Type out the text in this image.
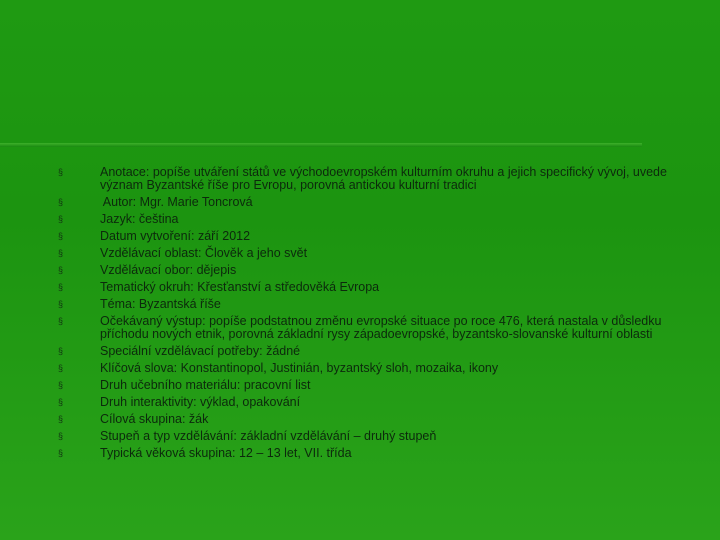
§	Anotace: popíše utváření států ve východoevropském kulturním okruhu a jejich specifický vývoj, uvede význam Byzantské říše pro Evropu, porovná antickou kulturní tradici
§	Autor: Mgr. Marie Toncrová
§	Jazyk: čeština
§	Datum vytvoření: září 2012
§	Vzdělávací oblast: Člověk a jeho svět
§	Vzdělávací obor: dějepis
§	Tematický okruh: Křesťanství a středověká Evropa
§	Téma: Byzantská říše
§	Očekávaný výstup: popíše podstatnou změnu evropské situace po roce 476, která nastala v důsledku příchodu nových etnik, porovná základní rysy západoevropské, byzantsko-slovanské kulturní oblasti
§	Speciální vzdělávací potřeby: žádné
§	Klíčová slova: Konstantinopol, Justinián, byzantský sloh, mozaika, ikony
§	Druh učebního materiálu: pracovní list
§	Druh interaktivity: výklad, opakování
§	Cílová skupina: žák
§	Stupeň a typ vzdělávání: základní vzdělávání – druhý stupeň
§	Typická věková skupina: 12 – 13 let, VII. třída
